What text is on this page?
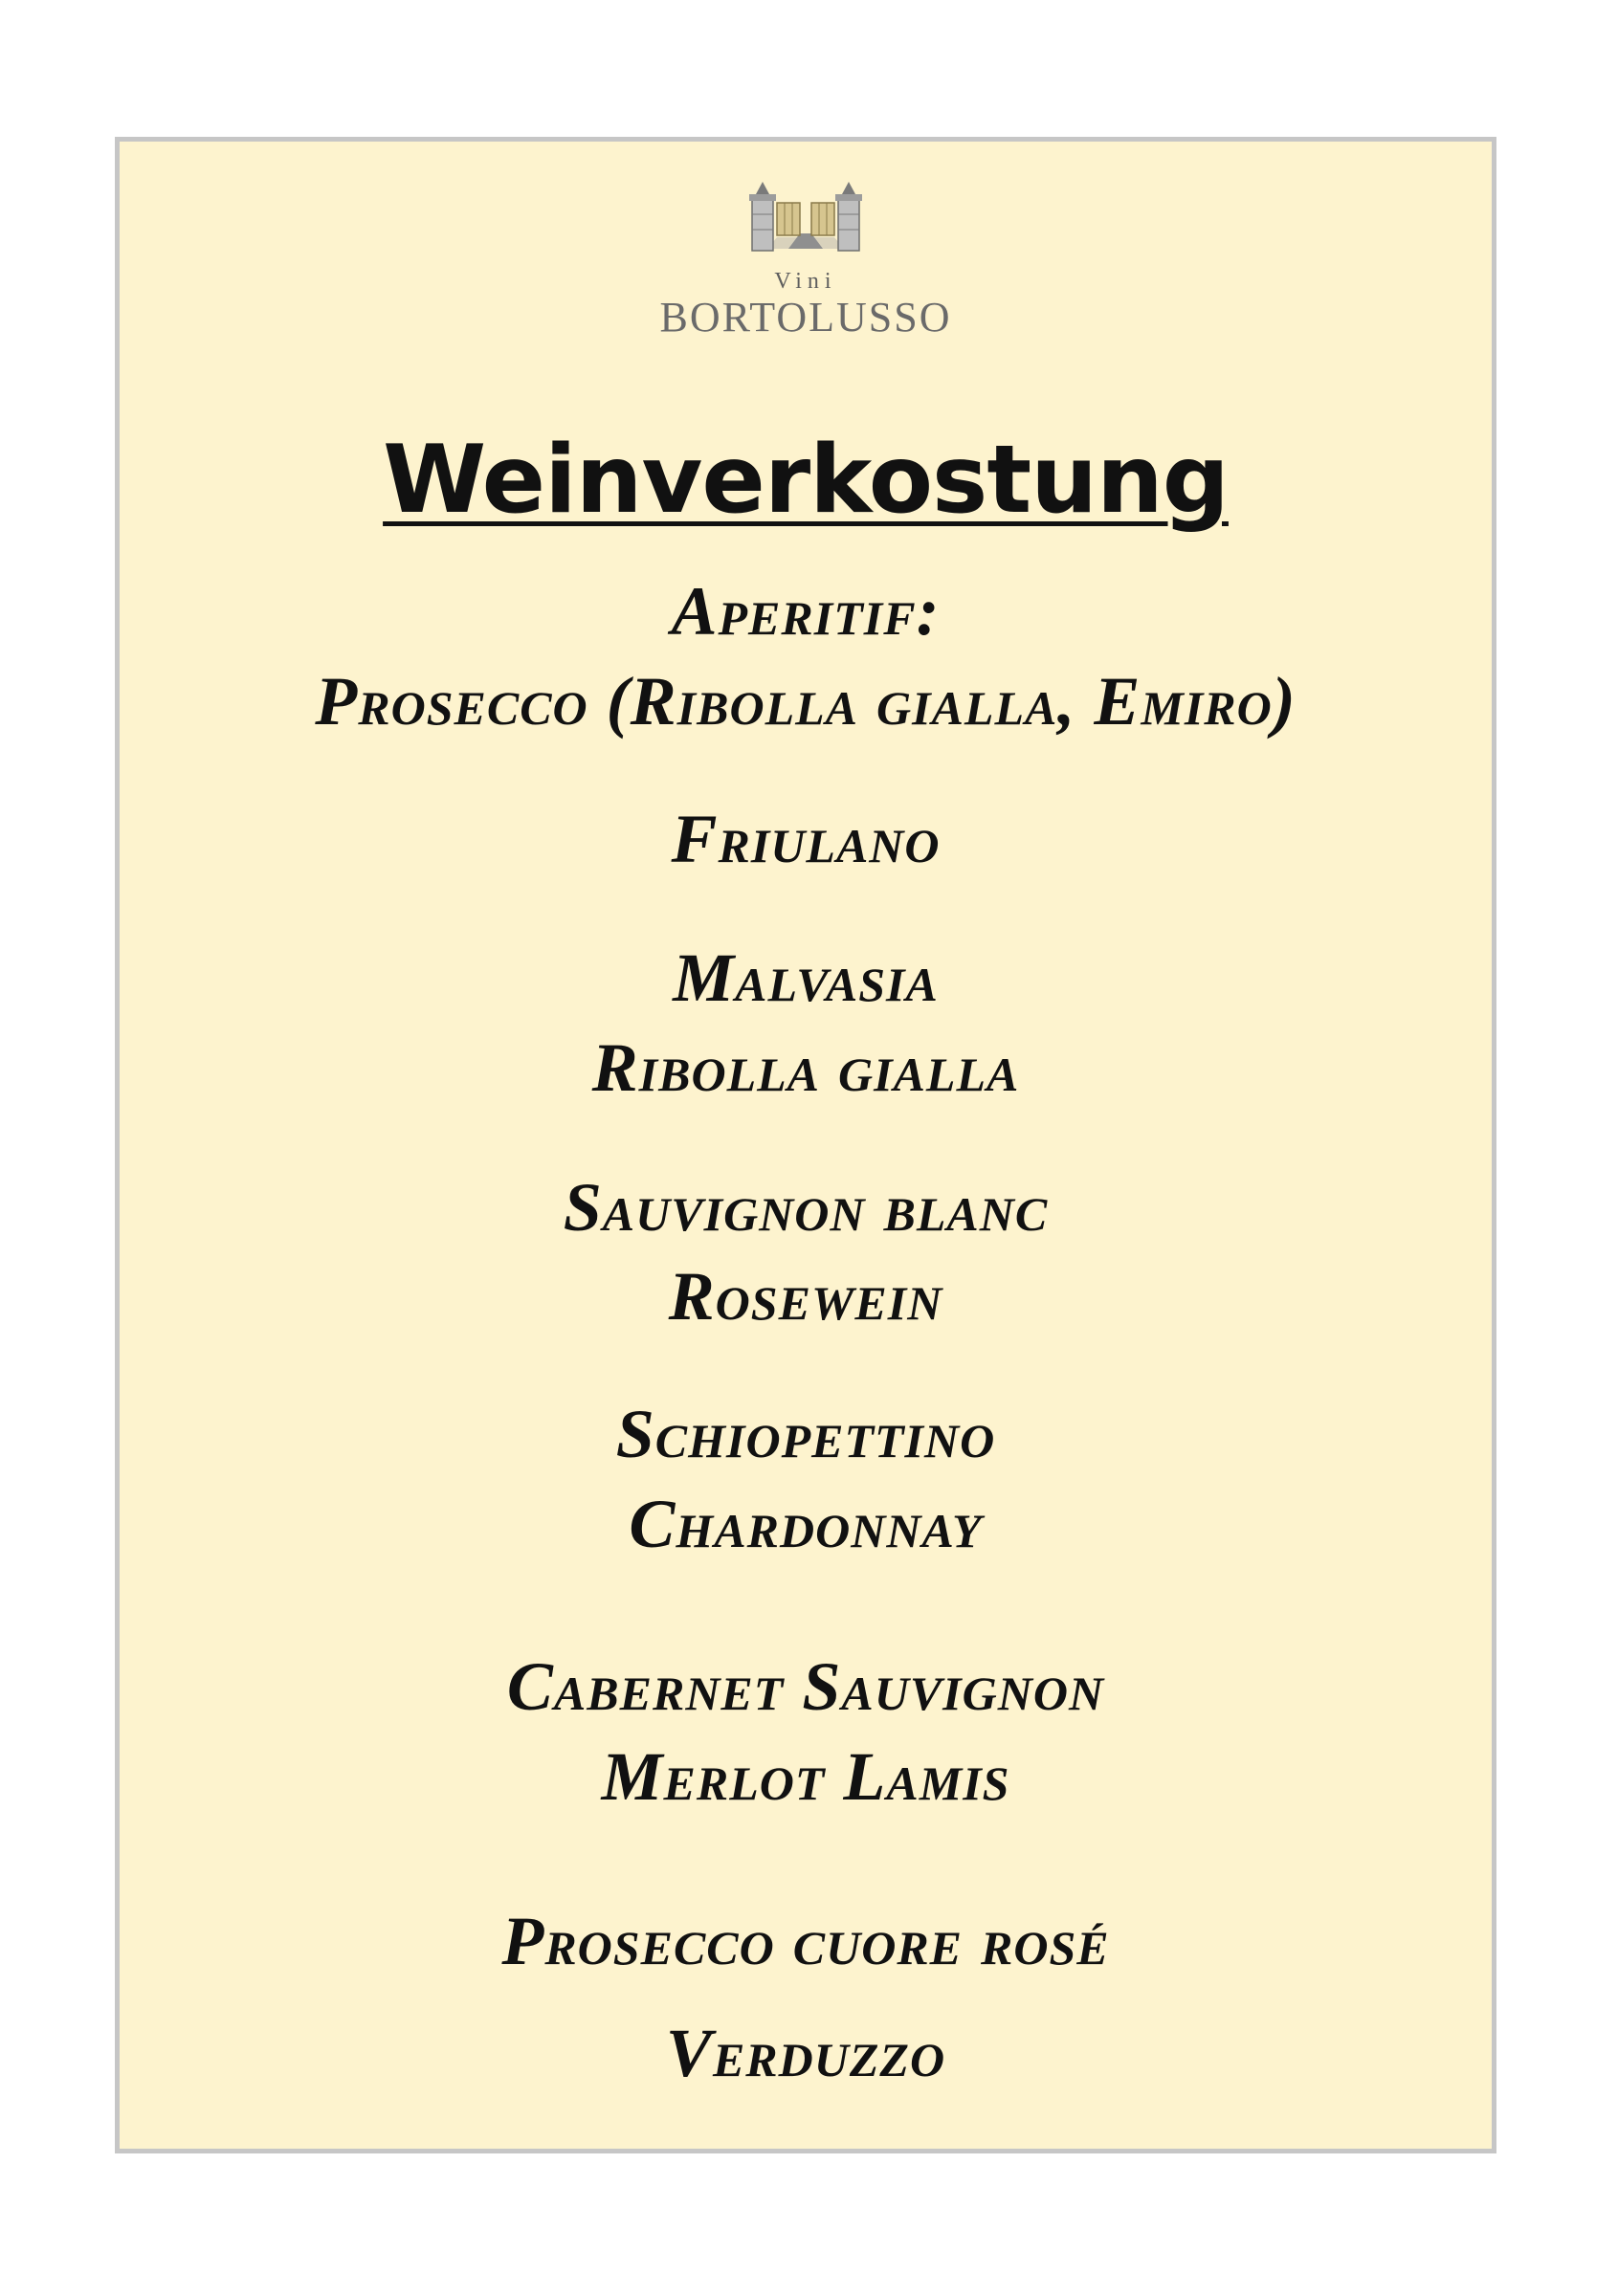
Vini
BORTOLUSSO
Weinverkostung
Aperitif:
Prosecco (Ribolla gialla, Emiro)
Friulano
Malvasia
Ribolla gialla
Sauvignon blanc
Rosewein
Schiopettino
Chardonnay
Cabernet Sauvignon
Merlot Lamis
Prosecco cuore rosé
Verduzzo
